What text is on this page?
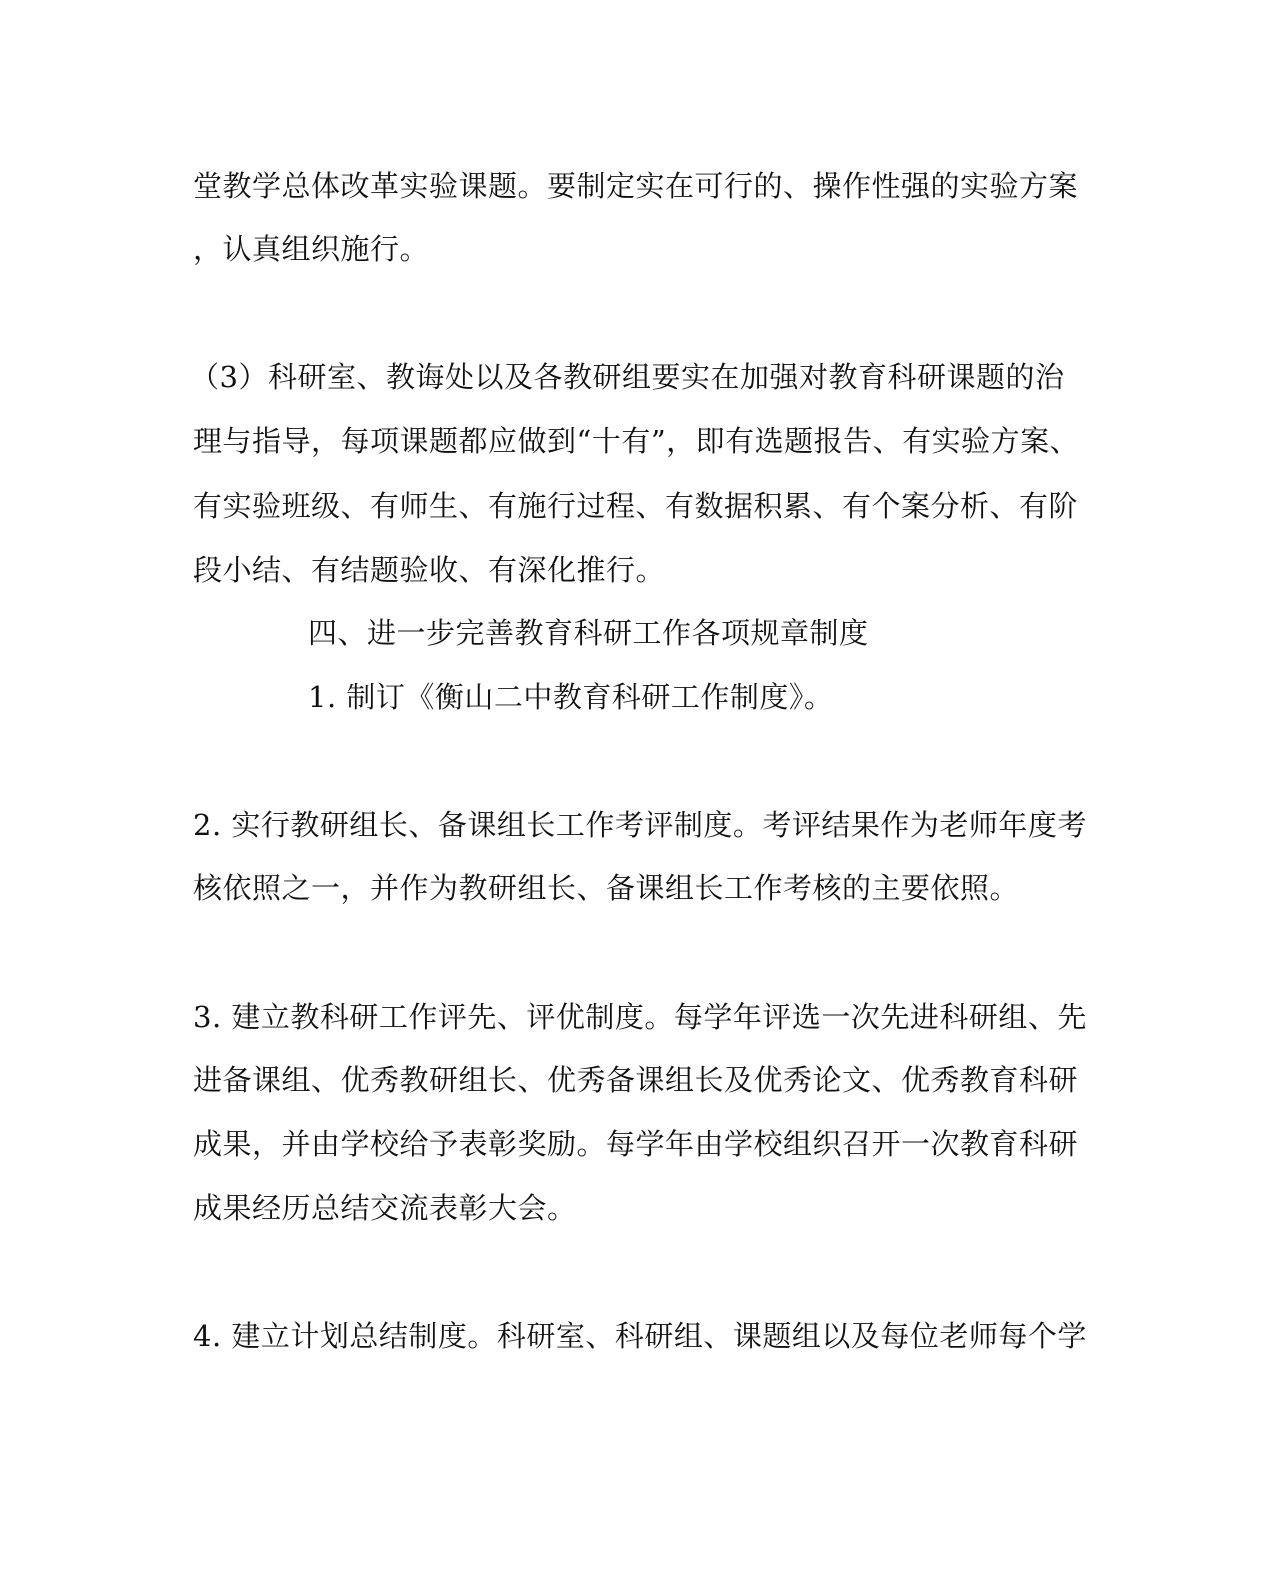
堂教学总体改革实验课题。要制定实在可行的、操作性强的实验方案
，认真组织施行。
（3）科研室、教诲处以及各教研组要实在加强对教育科研课题的治
理与指导，每项课题都应做到“十有”，即有选题报告、有实验方案、
有实验班级、有师生、有施行过程、有数据积累、有个案分析、有阶
段小结、有结题验收、有深化推行。
四、进一步完善教育科研工作各项规章制度
1. 制订《衡山二中教育科研工作制度》。
2. 实行教研组长、备课组长工作考评制度。考评结果作为老师年度考
核依照之一，并作为教研组长、备课组长工作考核的主要依照。
3. 建立教科研工作评先、评优制度。每学年评选一次先进科研组、先
进备课组、优秀教研组长、优秀备课组长及优秀论文、优秀教育科研
成果，并由学校给予表彰奖励。每学年由学校组织召开一次教育科研
成果经历总结交流表彰大会。
4. 建立计划总结制度。科研室、科研组、课题组以及每位老师每个学
